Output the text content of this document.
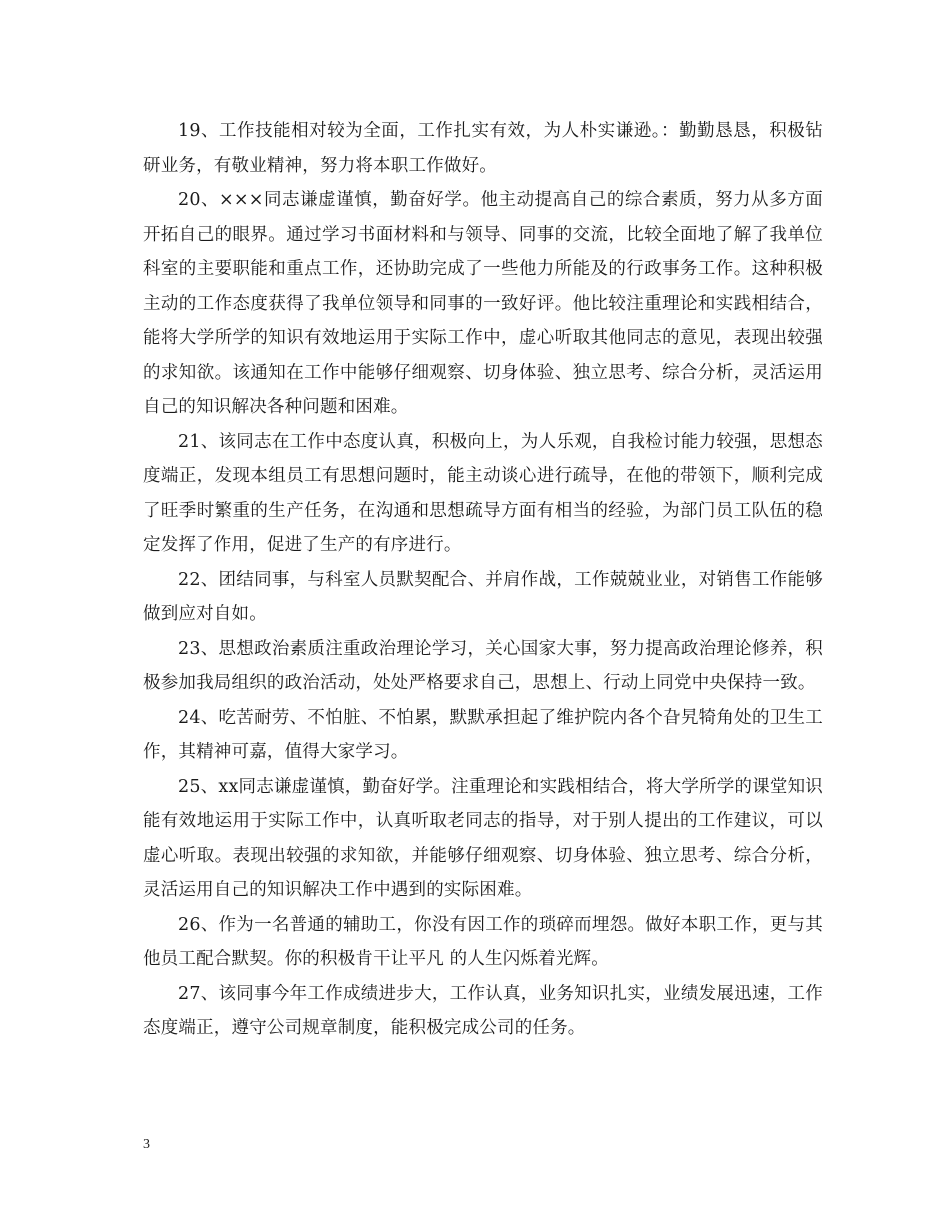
19、工作技能相对较为全面，工作扎实有效，为人朴实谦逊。：勤勤恳恳，积极钻研业务，有敬业精神，努力将本职工作做好。

20、×××同志谦虚谨慎，勤奋好学。他主动提高自己的综合素质，努力从多方面开拓自己的眼界。通过学习书面材料和与领导、同事的交流，比较全面地了解了我单位科室的主要职能和重点工作，还协助完成了一些他力所能及的行政事务工作。这种积极主动的工作态度获得了我单位领导和同事的一致好评。他比较注重理论和实践相结合，能将大学所学的知识有效地运用于实际工作中，虚心听取其他同志的意见，表现出较强的求知欲。该通知在工作中能够仔细观察、切身体验、独立思考、综合分析，灵活运用自己的知识解决各种问题和困难。

21、该同志在工作中态度认真，积极向上，为人乐观，自我检讨能力较强，思想态度端正，发现本组员工有思想问题时，能主动谈心进行疏导，在他的带领下，顺利完成了旺季时繁重的生产任务，在沟通和思想疏导方面有相当的经验，为部门员工队伍的稳定发挥了作用，促进了生产的有序进行。

22、团结同事，与科室人员默契配合、并肩作战，工作兢兢业业，对销售工作能够做到应对自如。

23、思想政治素质注重政治理论学习，关心国家大事，努力提高政治理论修养，积极参加我局组织的政治活动，处处严格要求自己，思想上、行动上同党中央保持一致。

24、吃苦耐劳、不怕脏、不怕累，默默承担起了维护院内各个旮旯犄角处的卫生工作，其精神可嘉，值得大家学习。

25、xx同志谦虚谨慎，勤奋好学。注重理论和实践相结合，将大学所学的课堂知识能有效地运用于实际工作中，认真听取老同志的指导，对于别人提出的工作建议，可以虚心听取。表现出较强的求知欲，并能够仔细观察、切身体验、独立思考、综合分析，灵活运用自己的知识解决工作中遇到的实际困难。

26、作为一名普通的辅助工，你没有因工作的琐碎而埋怨。做好本职工作，更与其他员工配合默契。你的积极肯干让平凡 的人生闪烁着光辉。

27、该同事今年工作成绩进步大，工作认真，业务知识扎实，业绩发展迅速，工作态度端正，遵守公司规章制度，能积极完成公司的任务。

3
